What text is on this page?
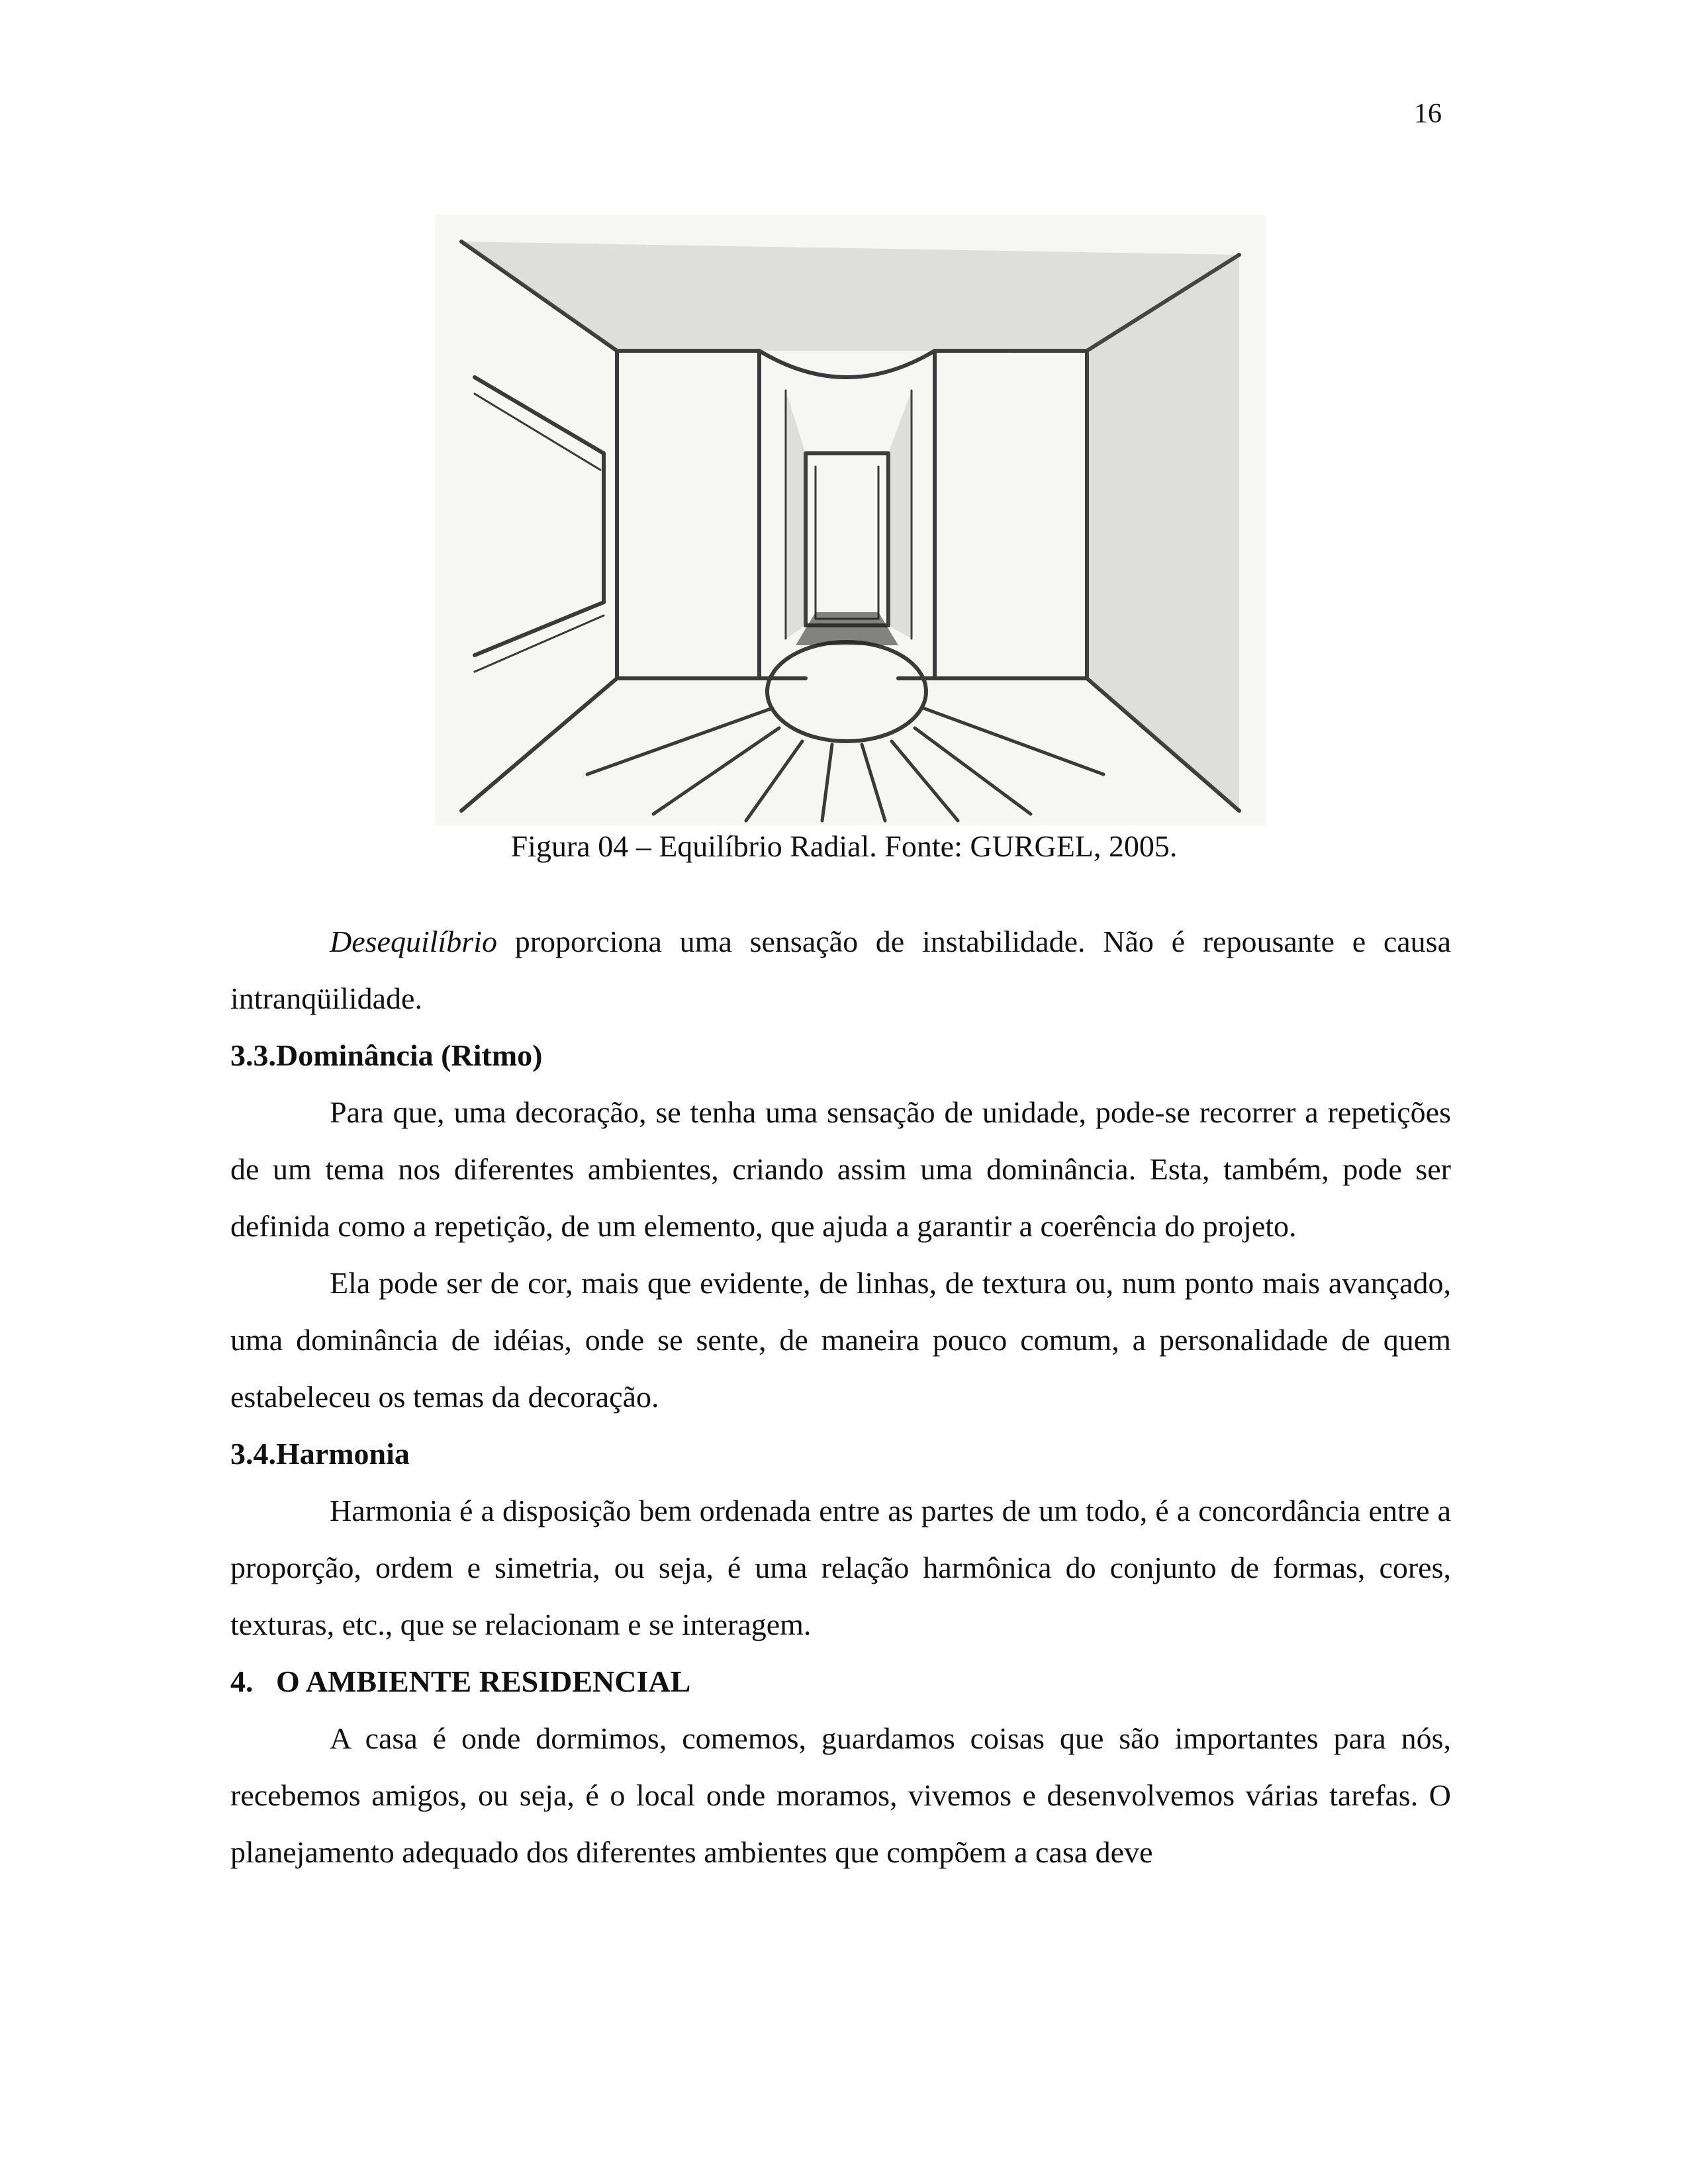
16
Figura 04 – Equilíbrio Radial. Fonte: GURGEL, 2005.

Desequilíbrio proporciona uma sensação de instabilidade. Não é repousante e causa intranqüilidade.

3.3.Dominância (Ritmo)

Para que, uma decoração, se tenha uma sensação de unidade, pode-se recorrer a repetições de um tema nos diferentes ambientes, criando assim uma dominância. Esta, também, pode ser definida como a repetição, de um elemento, que ajuda a garantir a coerência do projeto.

Ela pode ser de cor, mais que evidente, de linhas, de textura ou, num ponto mais avançado, uma dominância de idéias, onde se sente, de maneira pouco comum, a personalidade de quem estabeleceu os temas da decoração.

3.4.Harmonia

Harmonia é a disposição bem ordenada entre as partes de um todo, é a concordância entre a proporção, ordem e simetria, ou seja, é uma relação harmônica do conjunto de formas, cores, texturas, etc., que se relacionam e se interagem.

4.   O AMBIENTE RESIDENCIAL

A casa é onde dormimos, comemos, guardamos coisas que são importantes para nós, recebemos amigos, ou seja, é o local onde moramos, vivemos e desenvolvemos várias tarefas. O planejamento adequado dos diferentes ambientes que compõem a casa deve
